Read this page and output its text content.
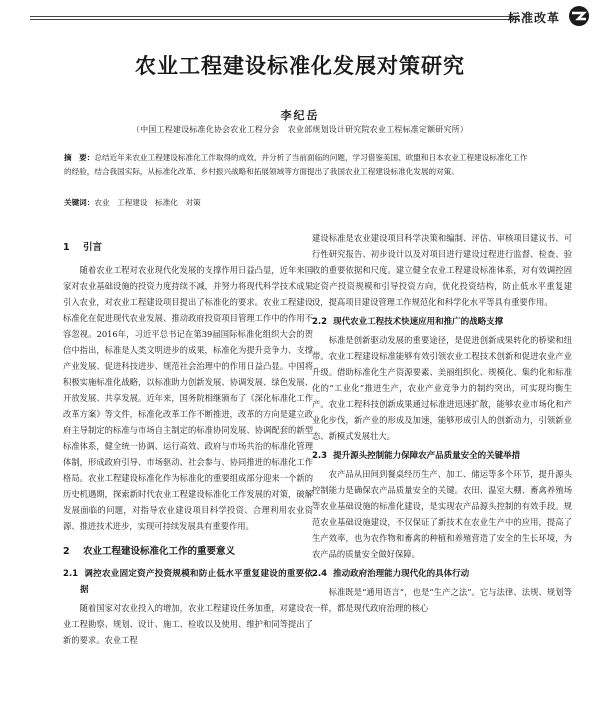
标准改革
农业工程建设标准化发展对策研究
李纪岳
（中国工程建设标准化协会农业工程分会　农业部规划设计研究院农业工程标准定额研究所）
摘　要：总结近年来农业工程建设标准化工作取得的成效，并分析了当前面临的问题，学习借鉴美国、欧盟和日本农业工程建设标准化工作的经验，结合我国实际，从标准化改革、乡村振兴战略和拓展领域等方面提出了我国农业工程建设标准化发展的对策。
关键词：农业　工程建设　标准化　对策
1 引言

随着农业工程对农业现代化发展的支撑作用日益凸显，近年来国家对农业基础设施的投资力度持续不减，并努力将现代科学技术成果引入农业，对农业工程建设项目提出了标准化的要求。农业工程建设标准化在促进现代农业发展、推动政府投资项目管理工作中的作用不容忽视。2016年，习近平总书记在第39届国际标准化组织大会的贺信中指出，标准是人类文明进步的成果，标准化为提升竞争力、支撑产业发展、促进科技进步、规范社会治理中的作用日益凸显。中国将积极实施标准化战略，以标准助力创新发展、协调发展、绿色发展、开放发展、共享发展。近年来，国务院相继颁布了《深化标准化工作改革方案》等文件，标准化改革工作不断推进，改革的方向是建立政府主导制定的标准与市场自主制定的标准协同发展、协调配套的新型标准体系，健全统一协调、运行高效、政府与市场共治的标准化管理体制，形成政府引导、市场驱动、社会参与、协同推进的标准化工作格局。农业工程建设标准化作为标准化的重要组成部分迎来一个新的历史机遇期，探索新时代农业工程建设标准化工作发展的对策，破解发展面临的问题，对指导农业建设项目科学投资、合理利用农业资源、推进技术进步，实现可持续发展具有重要作用。

2 农业工程建设标准化工作的重要意义
2.1 调控农业固定资产投资规模和防止低水平重复建设的重要依据

随着国家对农业投入的增加，农业工程建设任务加重，对建设农业工程勘察、规划、设计、施工、检收以及使用、维护和同等提出了新的要求。农业工程

建设标准是农业建设项目科学决策和编制、评估、审核项目建议书、可行性研究报告、初步设计以及对项目进行建设过程进行监督、检查、验收的重要依据和尺度。建立健全农业工程建设标准体系，对有效调控固定资产投资规模和引导投资方向，优化投资结构，防止低水平重复建设，提高项目建设管理工作规范化和科学化水平等具有重要作用。

2.2 现代农业工程技术快速应用和推广的战略支撑

标准是创新驱动发展的重要途径，是促进创新成果转化的桥梁和纽带。农业工程建设标准能够有效引领农业工程技术创新和促进农业产业升级。借助标准化生产资源要素、美丽组织化、规模化、集约化和标准化的“工业化”推进生产，农业产业竞争力的制约突出，可实现均衡生产。农业工程科技创新成果通过标准进迅速扩散，能够农业市场化和产业化步伐，新产业的形成及加速，能够形成引人的创新动力，引领新业态、新模式发展壮大。

2.3 提升源头控制能力保障农产品质量安全的关键举措

农产品从田间到餐桌经历生产、加工、储运等多个环节，提升源头控制能力是确保农产品质量安全的关键。农田、温室大棚、畜禽养殖场等农业基础设施的标准化建设，是实现农产品源头控制的有效手段。规范农业基础设施建设，不仅保证了新技术在农业生产中的应用，提高了生产效率，也为农作物和畜禽的种植和养殖营造了安全的生长环境，为农产品的质量安全做好保障。

2.4 推动政府治理能力现代化的具体行动

标准既是“通用语言”，也是“生产之法”。它与法律、法规、规划等一样，都是现代政府治理的核心
